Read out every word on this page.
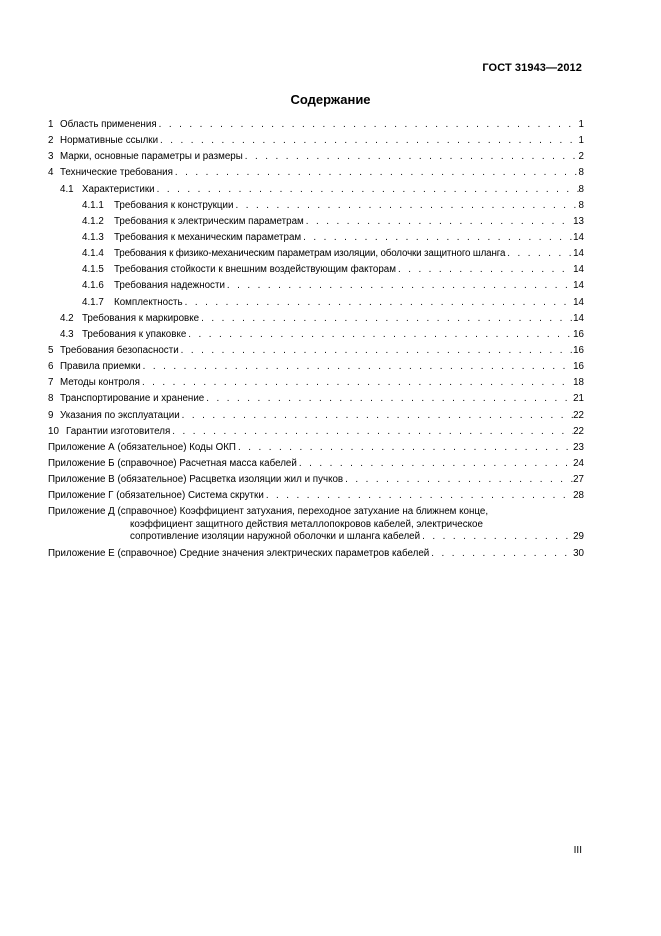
ГОСТ 31943—2012
Содержание
1 Область применения . . .	1
2 Нормативные ссылки . . .	1
3 Марки, основные параметры и размеры . . .	2
4 Технические требования . . .	8
4.1 Характеристики . . .	8
4.1.1	Требования к конструкции . . .	8
4.1.2	Требования к электрическим параметрам . . .	13
4.1.3	Требования к механическим параметрам . . .	14
4.1.4	Требования к физико-механическим параметрам изоляции, оболочки защитного шланга . . .	14
4.1.5	Требования стойкости к внешним воздействующим факторам . . .	14
4.1.6	Требования надежности . . .	14
4.1.7	Комплектность . . .	14
4.2 Требования к маркировке . . .	14
4.3 Требования к упаковке . . .	16
5 Требования безопасности . . .	16
6 Правила приемки . . .	16
7 Методы контроля . . .	18
8 Транспортирование и хранение . . .	21
9 Указания по эксплуатации . . .	22
10 Гарантии изготовителя . . .	22
Приложение А (обязательное) Коды ОКП . . .	23
Приложение Б (справочное) Расчетная масса кабелей . . .	24
Приложение В (обязательное) Расцветка изоляции жил и пучков . . .	27
Приложение Г (обязательное) Система скрутки . . .	28
Приложение Д (справочное) Коэффициент затухания, переходное затухание на ближнем конце,
коэффициент защитного действия металлопокровов кабелей, электрическое
сопротивление изоляции наружной оболочки и шланга кабелей . . .	29
Приложение Е (справочное) Средние значения электрических параметров кабелей . . .	30
III
